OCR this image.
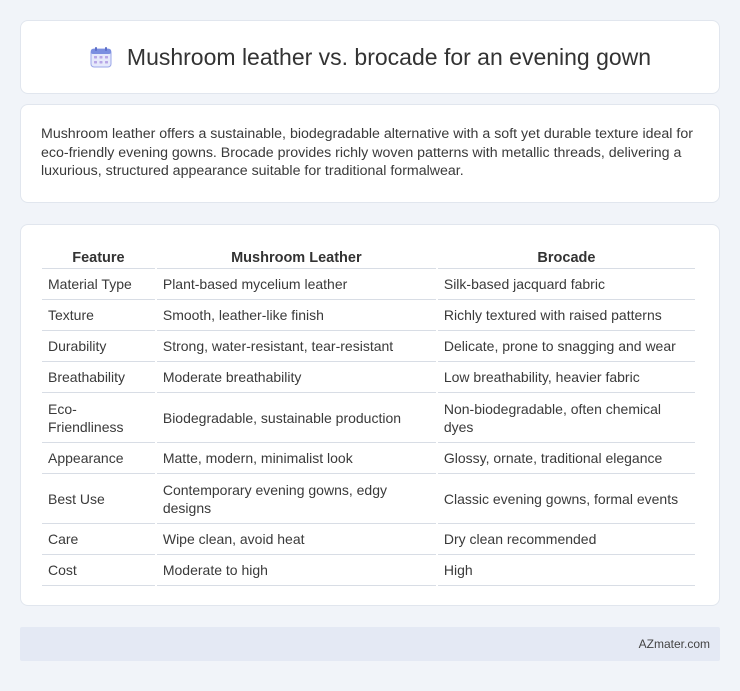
Mushroom leather vs. brocade for an evening gown

Mushroom leather offers a sustainable, biodegradable alternative with a soft yet durable texture ideal for eco-friendly evening gowns. Brocade provides richly woven patterns with metallic threads, delivering a luxurious, structured appearance suitable for traditional formalwear.

Feature	Mushroom Leather	Brocade
Material Type	Plant-based mycelium leather	Silk-based jacquard fabric
Texture	Smooth, leather-like finish	Richly textured with raised patterns
Durability	Strong, water-resistant, tear-resistant	Delicate, prone to snagging and wear
Breathability	Moderate breathability	Low breathability, heavier fabric
Eco-Friendliness	Biodegradable, sustainable production	Non-biodegradable, often chemical dyes
Appearance	Matte, modern, minimalist look	Glossy, ornate, traditional elegance
Best Use	Contemporary evening gowns, edgy designs	Classic evening gowns, formal events
Care	Wipe clean, avoid heat	Dry clean recommended
Cost	Moderate to high	High
AZmater.com
